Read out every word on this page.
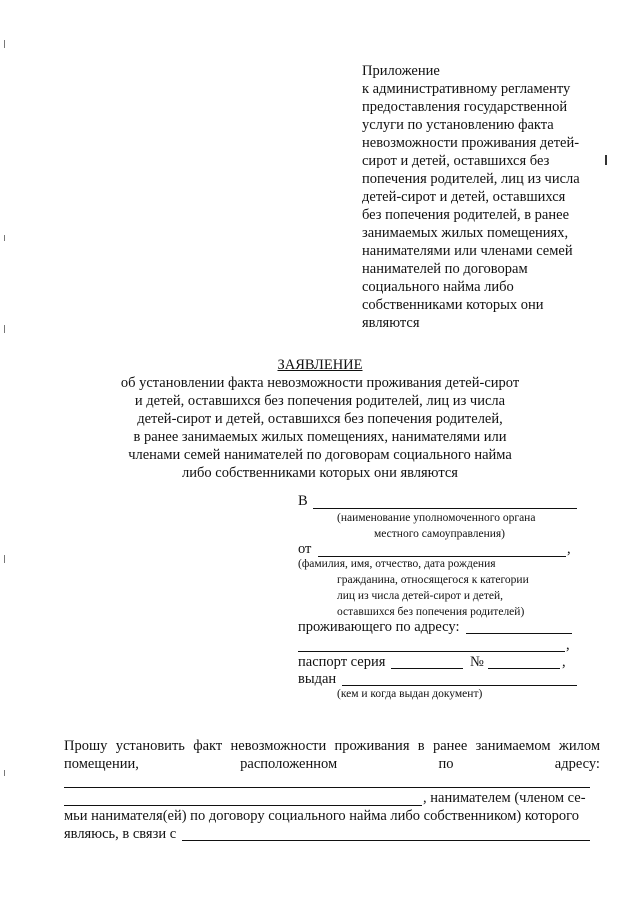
Приложение
к административному регламенту
предоставления государственной
услуги по установлению факта
невозможности проживания детей-
сирот и детей, оставшихся без
попечения родителей, лиц из числа
детей-сирот и детей, оставшихся
без попечения родителей, в ранее
занимаемых жилых помещениях,
нанимателями или членами семей
нанимателей по договорам
социального найма либо
собственниками которых они
являются
ЗАЯВЛЕНИЕ
об установлении факта невозможности проживания детей-сирот
и детей, оставшихся без попечения родителей, лиц из числа
детей-сирот и детей, оставшихся без попечения родителей,
в ранее занимаемых жилых помещениях, нанимателями или
членами семей нанимателей по договорам социального найма
либо собственниками которых они являются
В
(наименование уполномоченного органа
местного самоуправления)
от	,
(фамилия, имя, отчество, дата рождения
гражданина, относящегося к категории
лиц из числа детей-сирот и детей,
оставшихся без попечения родителей)
проживающего по адресу:
,
паспорт серия	№	,
выдан
(кем и когда выдан документ)
Прошу установить факт невозможности проживания в ранее занимаемом жилом
помещении,	расположенном	по	адресу:
, нанимателем (членом се-
мьи нанимателя(ей) по договору социального найма либо собственником) которого
являюсь, в связи с
